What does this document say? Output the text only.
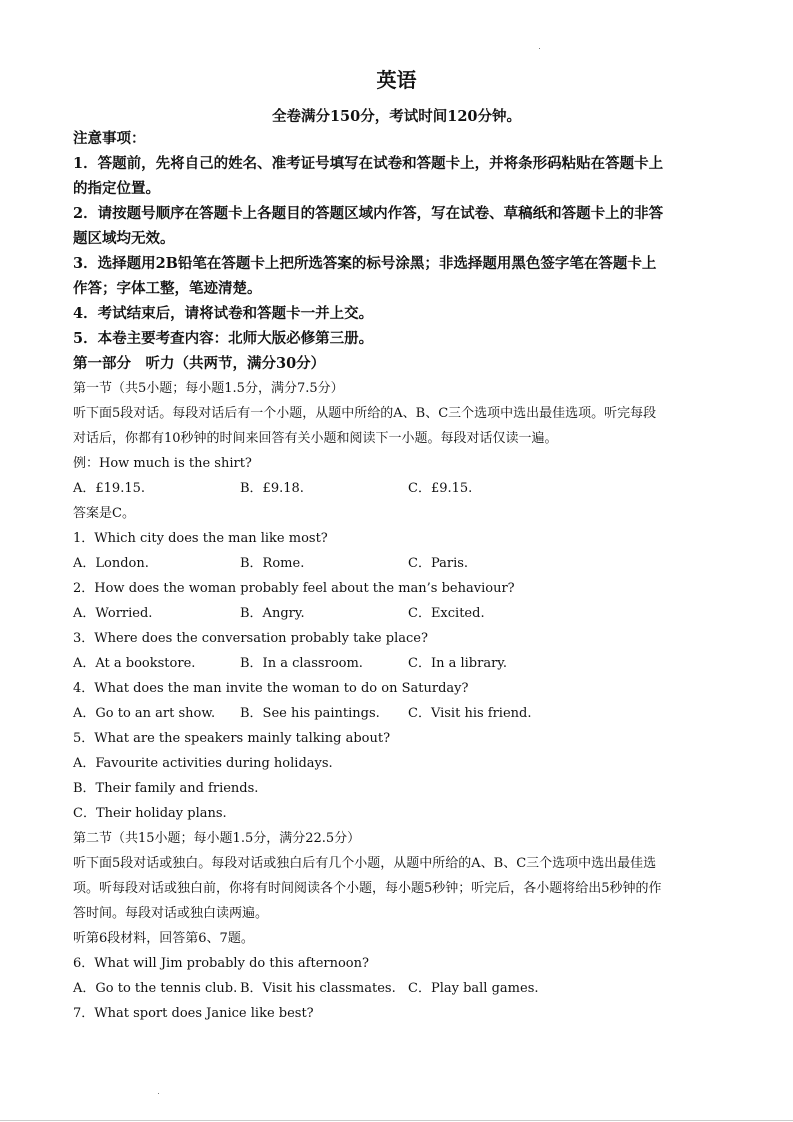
英语
全卷满分150分，考试时间120分钟。
注意事项：
1．答题前，先将自己的姓名、准考证号填写在试卷和答题卡上，并将条形码粘贴在答题卡上
的指定位置。
2．请按题号顺序在答题卡上各题目的答题区域内作答，写在试卷、草稿纸和答题卡上的非答
题区域均无效。
3．选择题用2B铅笔在答题卡上把所选答案的标号涂黑；非选择题用黑色签字笔在答题卡上
作答；字体工整，笔迹清楚。
4．考试结束后，请将试卷和答题卡一并上交。
5．本卷主要考查内容：北师大版必修第三册。
第一部分　听力（共两节，满分30分）
第一节（共5小题；每小题1.5分，满分7.5分）
听下面5段对话。每段对话后有一个小题，从题中所给的A、B、C三个选项中选出最佳选项。听完每段
对话后，你都有10秒钟的时间来回答有关小题和阅读下一小题。每段对话仅读一遍。
例：How much is the shirt?
A．£19.15.	B．£9.18.	C．£9.15.
答案是C。
1．Which city does the man like most?
A．London.	B．Rome.	C．Paris.
2．How does the woman probably feel about the man’s behaviour?
A．Worried.	B．Angry.	C．Excited.
3．Where does the conversation probably take place?
A．At a bookstore.	B．In a classroom.	C．In a library.
4．What does the man invite the woman to do on Saturday?
A．Go to an art show. B．See his paintings. C．Visit his friend.
5．What are the speakers mainly talking about?
A．Favourite activities during holidays.
B．Their family and friends.
C．Their holiday plans.
第二节（共15小题；每小题1.5分，满分22.5分）
听下面5段对话或独白。每段对话或独白后有几个小题，从题中所给的A、B、C三个选项中选出最佳选
项。听每段对话或独白前，你将有时间阅读各个小题，每小题5秒钟；听完后，各小题将给出5秒钟的作
答时间。每段对话或独白读两遍。
听第6段材料，回答第6、7题。
6．What will Jim probably do this afternoon?
A．Go to the tennis club. B．Visit his classmates. C．Play ball games.
7．What sport does Janice like best?
